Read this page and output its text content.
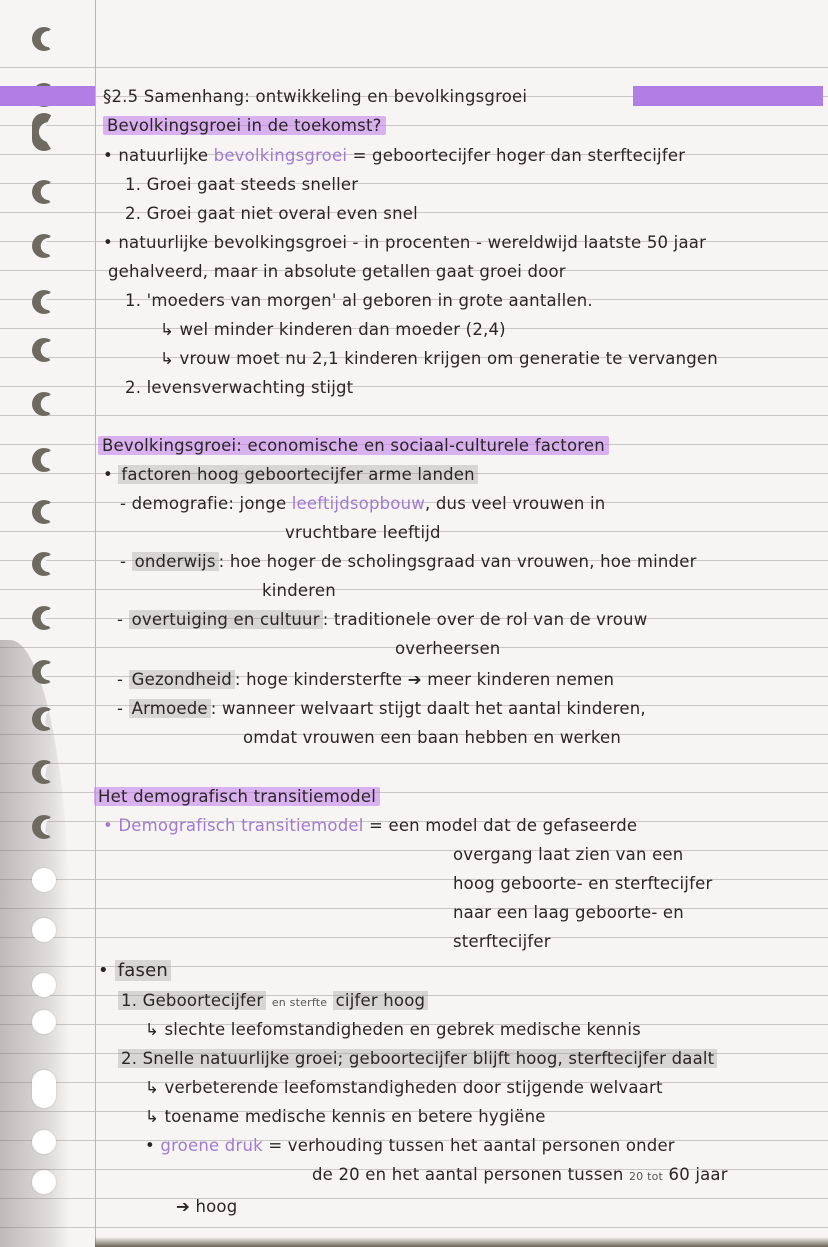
§2.5 Samenhang: ontwikkeling en bevolkingsgroei
Bevolkingsgroei in de toekomst?
• natuurlijke bevolkingsgroei = geboortecijfer hoger dan sterftecijfer
1. Groei gaat steeds sneller
2. Groei gaat niet overal even snel
• natuurlijke bevolkingsgroei - in procenten - wereldwijd laatste 50 jaar
gehalveerd, maar in absolute getallen gaat groei door
1. 'moeders van morgen' al geboren in grote aantallen.
↳ wel minder kinderen dan moeder (2,4)
↳ vrouw moet nu 2,1 kinderen krijgen om generatie te vervangen
2. levensverwachting stijgt
Bevolkingsgroei: economische en sociaal-culturele factoren
• factoren hoog geboortecijfer arme landen
- demografie: jonge leeftijdsopbouw, dus veel vrouwen in
vruchtbare leeftijd
- onderwijs : hoe hoger de scholingsgraad van vrouwen, hoe minder
kinderen
- overtuiging en cultuur : traditionele over de rol van de vrouw
overheersen
- Gezondheid : hoge kindersterfte ➔ meer kinderen nemen
- Armoede : wanneer welvaart stijgt daalt het aantal kinderen,
omdat vrouwen een baan hebben en werken
Het demografisch transitiemodel
• Demografisch transitiemodel = een model dat de gefaseerde
overgang laat zien van een
hoog geboorte- en sterftecijfer
naar een laag geboorte- en
sterftecijfer
• fasen
1. Geboortecijfer en sterfte cijfer hoog
↳ slechte leefomstandigheden en gebrek medische kennis
2. Snelle natuurlijke groei; geboortecijfer blijft hoog, sterftecijfer daalt
↳ verbeterende leefomstandigheden door stijgende welvaart
↳ toename medische kennis en betere hygiëne
• groene druk = verhouding tussen het aantal personen onder
de 20 en het aantal personen tussen 20 tot 60 jaar
➔ hoog
